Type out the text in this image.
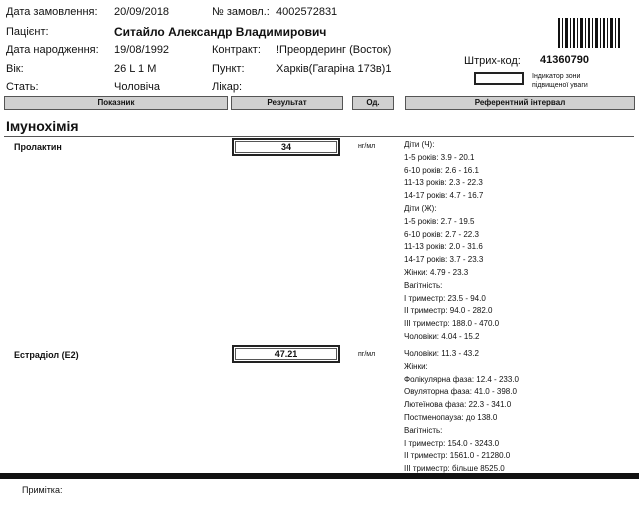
Дата замовлення: 20/09/2018	№ замовл.: 4002572831
Пацієнт:	Ситайло Александр Владимирович
Дата народження: 19/08/1992	Контракт: !Преордеринг (Восток)
Вік:	26 L 1 M	Пункт:	Харків(Гагаріна 173в)1
Стать:	Чоловіча	Лікар:
Штрих-код: 41360790
Індикатор зони підвищеної уваги
Показник	Результат	Од.	Референтний інтервал
Імунохімія
Пролактин	34	нг/мл	Діти (Ч):
1-5 років: 3.9 - 20.1
6-10 років: 2.6 - 16.1
11-13 років: 2.3 - 22.3
14-17 років: 4.7 - 16.7
Діти (Ж):
1-5 років: 2.7 - 19.5
6-10 років: 2.7 - 22.3
11-13 років: 2.0 - 31.6
14-17 років: 3.7 - 23.3
Жінки: 4.79 - 23.3
Вагітність:
І триместр: 23.5 - 94.0
ІІ триместр: 94.0 - 282.0
ІІІ триместр: 188.0 - 470.0
Чоловіки: 4.04 - 15.2
Естрадіол (Е2)	47.21	пг/мл	Чоловіки: 11.3 - 43.2
Жінки:
Фолікулярна фаза: 12.4 - 233.0
Овуляторна фаза: 41.0 - 398.0
Лютеїнова фаза: 22.3 - 341.0
Постменопауза: до 138.0
Вагітність:
І триместр: 154.0 - 3243.0
ІІ триместр: 1561.0 - 21280.0
ІІІ триместр: більше 8525.0
Примітка:
